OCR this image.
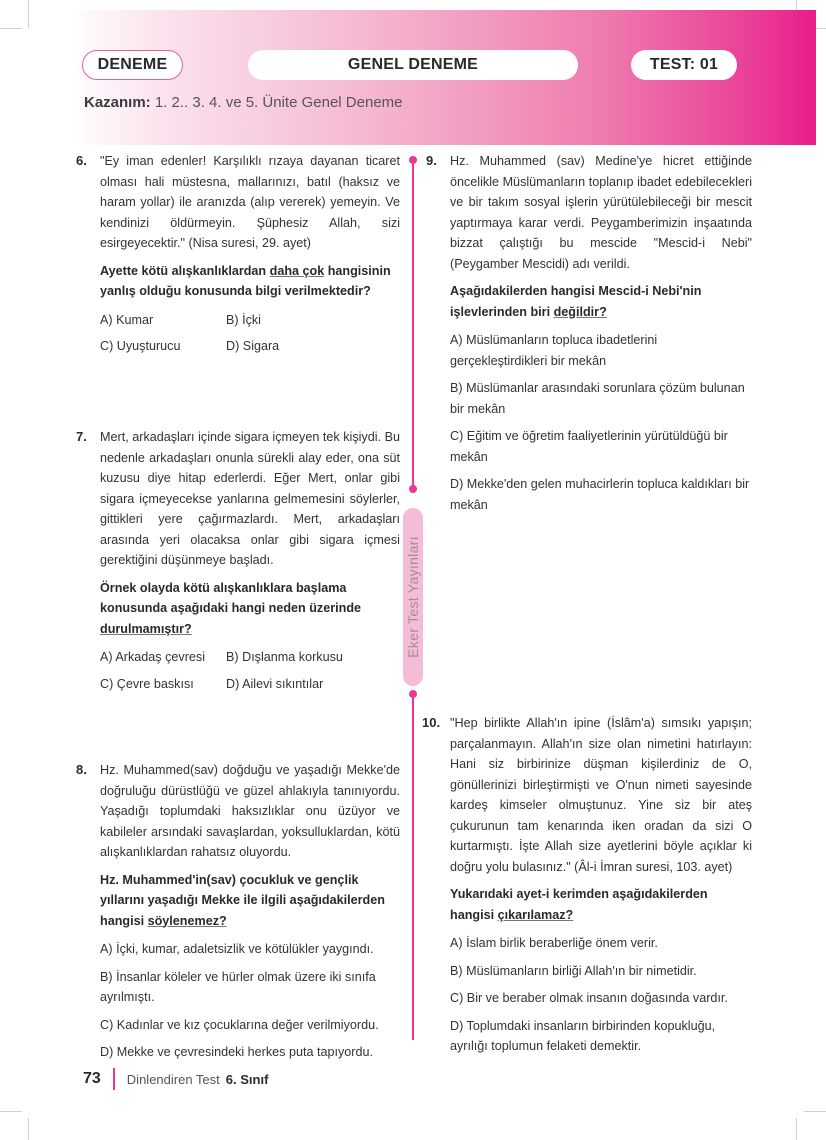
DENEME	GENEL DENEME	TEST: 01
Kazanım: 1. 2.. 3. 4. ve 5. Ünite Genel Deneme
Eker Test Yayınları
6. "Ey iman edenler! Karşılıklı rızaya dayanan ticaret olması hali müstesna, mallarınızı, batıl (haksız ve haram yollar) ile aranızda (alıp vererek) yemeyin. Ve kendinizi öldürmeyin. Şüphesiz Allah, sizi esirgeyecektir." (Nisa suresi, 29. ayet)
Ayette kötü alışkanlıklardan daha çok hangisinin yanlış olduğu konusunda bilgi verilmektedir?
A) Kumar	B) İçki
C) Uyuşturucu	D) Sigara
7. Mert, arkadaşları içinde sigara içmeyen tek kişiydi. Bu nedenle arkadaşları onunla sürekli alay eder, ona süt kuzusu diye hitap ederlerdi. Eğer Mert, onlar gibi sigara içmeyecekse yanlarına gelmemesini söylerler, gittikleri yere çağırmazlardı. Mert, arkadaşları arasında yeri olacaksa onlar gibi sigara içmesi gerektiğini düşünmeye başladı.
Örnek olayda kötü alışkanlıklara başlama konusunda aşağıdaki hangi neden üzerinde durulmamıştır?
A) Arkadaş çevresi	B) Dışlanma korkusu
C) Çevre baskısı	D) Ailevi sıkıntılar
8. Hz. Muhammed(sav) doğduğu ve yaşadığı Mekke'de doğruluğu dürüstlüğü ve güzel ahlakıyla tanınıyordu. Yaşadığı toplumdaki haksızlıklar onu üzüyor ve kabileler arsındaki savaşlardan, yoksulluklardan, kötü alışkanlıklardan rahatsız oluyordu.
Hz. Muhammed'in(sav) çocukluk ve gençlik yıllarını yaşadığı Mekke ile ilgili aşağıdakilerden hangisi söylenemez?
A) İçki, kumar, adaletsizlik ve kötülükler yaygındı.
B) İnsanlar köleler ve hürler olmak üzere iki sınıfa ayrılmıştı.
C) Kadınlar ve kız çocuklarına değer verilmiyordu.
D) Mekke ve çevresindeki herkes puta tapıyordu.
9. Hz. Muhammed (sav) Medine'ye hicret ettiğinde öncelikle Müslümanların toplanıp ibadet edebilecekleri ve bir takım sosyal işlerin yürütülebileceği bir mescit yaptırmaya karar verdi. Peygamberimizin inşaatında bizzat çalıştığı bu mescide "Mescid-i Nebi" (Peygamber Mescidi) adı verildi.
Aşağıdakilerden hangisi Mescid-i Nebi'nin işlevlerinden biri değildir?
A) Müslümanların topluca ibadetlerini gerçekleştirdikleri bir mekân
B) Müslümanlar arasındaki sorunlara çözüm bulunan bir mekân
C) Eğitim ve öğretim faaliyetlerinin yürütüldüğü bir mekân
D) Mekke'den gelen muhacirlerin topluca kaldıkları bir mekân
10. "Hep birlikte Allah'ın ipine (İslâm'a) sımsıkı yapışın; parçalanmayın. Allah'ın size olan nimetini hatırlayın: Hani siz birbirinize düşman kişilerdiniz de O, gönüllerinizi birleştirmişti ve O'nun nimeti sayesinde kardeş kimseler olmuştunuz. Yine siz bir ateş çukurunun tam kenarında iken oradan da sizi O kurtarmıştı. İşte Allah size ayetlerini böyle açıklar ki doğru yolu bulasınız." (Âl-i İmran suresi, 103. ayet)
Yukarıdaki ayet-i kerimden aşağıdakilerden hangisi çıkarılamaz?
A) İslam birlik beraberliğe önem verir.
B) Müslümanların birliği Allah'ın bir nimetidir.
C) Bir ve beraber olmak insanın doğasında vardır.
D) Toplumdaki insanların birbirinden kopukluğu, ayrılığı toplumun felaketi demektir.
73 Dinlendiren Test 6. Sınıf
